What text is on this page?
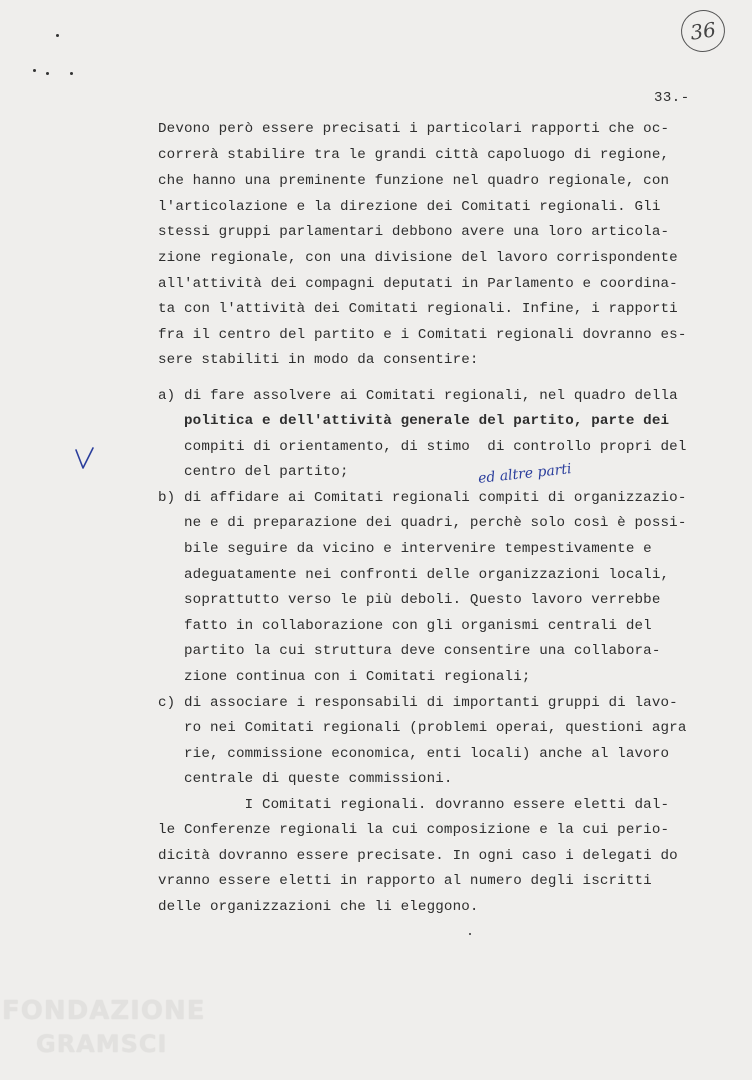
36
33.-
Devono però essere precisati i particolari rapporti che oc-
correrà stabilire tra le grandi città capoluogo di regione,
che hanno una preminente funzione nel quadro regionale, con
l'articolazione e la direzione dei Comitati regionali. Gli
stessi gruppi parlamentari debbono avere una loro articola-
zione regionale, con una divisione del lavoro corrispondente
all'attività dei compagni deputati in Parlamento e coordina-
ta con l'attività dei Comitati regionali. Infine, i rapporti
fra il centro del partito e i Comitati regionali dovranno es-
sere stabiliti in modo da consentire:
a) di fare assolvere ai Comitati regionali, nel quadro della
politica e dell'attività generale del partito, parte dei
compiti di orientamento, di stimo  di controllo propri del
centro del partito;
b) di affidare ai Comitati regionali compiti di organizzazio-
ne e di preparazione dei quadri, perchè solo così è possi-
bile seguire da vicino e intervenire tempestivamente e
adeguatamente nei confronti delle organizzazioni locali,
soprattutto verso le più deboli. Questo lavoro verrebbe
fatto in collaborazione con gli organismi centrali del
partito la cui struttura deve consentire una collabora-
zione continua con i Comitati regionali;
c) di associare i responsabili di importanti gruppi di lavo-
ro nei Comitati regionali (problemi operai, questioni agra
rie, commissione economica, enti locali) anche al lavoro
centrale di queste commissioni.
I Comitati regionali. dovranno essere eletti dal-
le Conferenze regionali la cui composizione e la cui perio-
dicità dovranno essere precisate. In ogni caso i delegati do
vranno essere eletti in rapporto al numero degli iscritti
delle organizzazioni che li eleggono.
ed altre parti
FONDAZIONE
GRAMSCI
